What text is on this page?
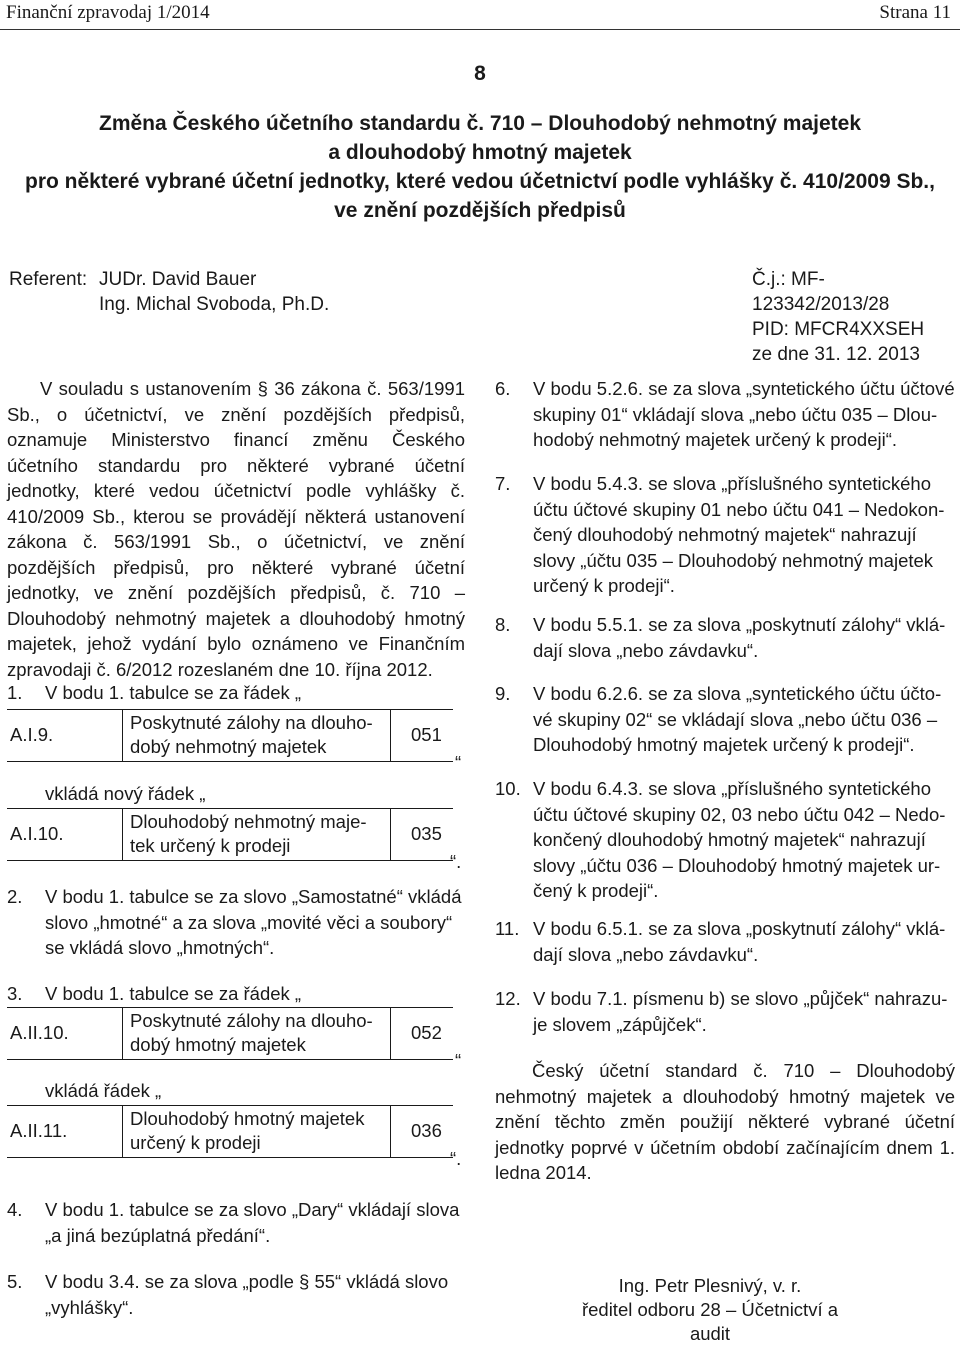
Finanční zpravodaj 1/2014	Strana 11
8
Změna Českého účetního standardu č. 710 – Dlouhodobý nehmotný majetek
a dlouhodobý hmotný majetek
pro některé vybrané účetní jednotky, které vedou účetnictví podle vyhlášky č. 410/2009 Sb.,
ve znění pozdějších předpisů
Referent: JUDr. David Bauer
Ing. Michal Svoboda, Ph.D.
Č.j.: MF-123342/2013/28
PID: MFCR4XXSEH
ze dne 31. 12. 2013
V souladu s ustanovením § 36 zákona č. 563/1991 Sb., o účetnictví, ve znění pozdějších předpisů, oznamuje Ministerstvo financí změnu Českého účetního standardu pro některé vybrané účetní jednotky, které vedou účetnictví podle vyhlášky č. 410/2009 Sb., kterou se provádějí některá ustanovení zákona č. 563/1991 Sb., o účetnictví, ve znění pozdějších předpisů, pro některé vybrané účetní jednotky, ve znění pozdějších předpisů, č. 710 – Dlouhodobý nehmotný majetek a dlouhodobý hmotný majetek, jehož vydání bylo oznámeno ve Finančním zpravodaji č. 6/2012 rozeslaném dne 10. října 2012.
1. V bodu 1. tabulce se za řádek „
A.I.9.
Poskytnuté zálohy na dlouho-
dobý nehmotný majetek
051
“
vkládá nový řádek „
A.I.10.
Dlouhodobý nehmotný maje-
tek určený k prodeji
035
“.
2. V bodu 1. tabulce se za slovo „Samostatné“ vkládá
slovo „hmotné“ a za slova „movité věci a soubory“
se vkládá slovo „hmotných“.
3. V bodu 1. tabulce se za řádek „
A.II.10.
Poskytnuté zálohy na dlouho-
dobý hmotný majetek
052
“
vkládá řádek „
A.II.11.
Dlouhodobý hmotný majetek
určený k prodeji
036
“.
4. V bodu 1. tabulce se za slovo „Dary“ vkládají slova
„a jiná bezúplatná předání“.
5. V bodu 3.4. se za slova „podle § 55“ vkládá slovo
„vyhlášky“.
6. V bodu 5.2.6. se za slova „syntetického účtu účtové
skupiny 01“ vkládají slova „nebo účtu 035 – Dlou-
hodobý nehmotný majetek určený k prodeji“.
7. V bodu 5.4.3. se slova „příslušného syntetického
účtu účtové skupiny 01 nebo účtu 041 – Nedokon-
čený dlouhodobý nehmotný majetek“ nahrazují
slovy „účtu 035 – Dlouhodobý nehmotný majetek
určený k prodeji“.
8. V bodu 5.5.1. se za slova „poskytnutí zálohy“ vklá-
dají slova „nebo závdavku“.
9. V bodu 6.2.6. se za slova „syntetického účtu účto-
vé skupiny 02“ se vkládají slova „nebo účtu 036 –
Dlouhodobý hmotný majetek určený k prodeji“.
10. V bodu 6.4.3. se slova „příslušného syntetického
účtu účtové skupiny 02, 03 nebo účtu 042 – Nedo-
končený dlouhodobý hmotný majetek“ nahrazují
slovy „účtu 036 – Dlouhodobý hmotný majetek ur-
čený k prodeji“.
11. V bodu 6.5.1. se za slova „poskytnutí zálohy“ vklá-
dají slova „nebo závdavku“.
12. V bodu 7.1. písmenu b) se slovo „půjček“ nahrazu-
je slovem „zápůjček“.
Český účetní standard č. 710 – Dlouhodobý nehmotný majetek a dlouhodobý hmotný majetek ve znění těchto změn použijí některé vybrané účetní jednotky poprvé v účetním období začínajícím dnem 1. ledna 2014.
Ing. Petr Plesnivý, v. r.
ředitel odboru 28 – Účetnictví a audit
